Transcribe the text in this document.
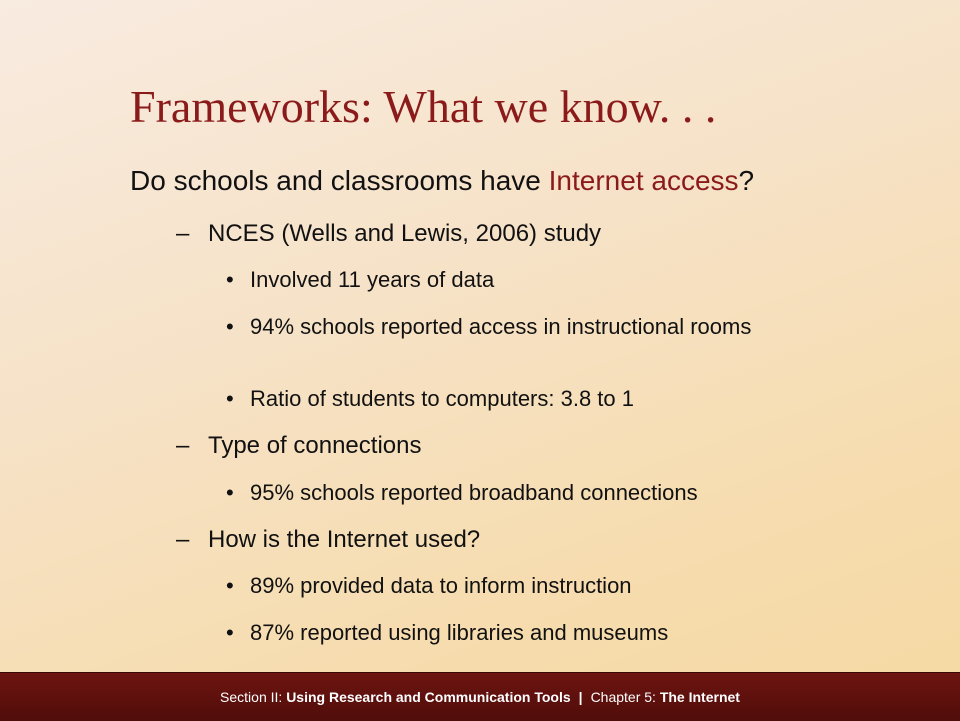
Frameworks: What we know. . .
Do schools and classrooms have Internet access?
– NCES (Wells and Lewis, 2006) study
• Involved 11 years of data
• 94% schools reported access in instructional rooms
• Ratio of students to computers: 3.8 to 1
– Type of connections
• 95% schools reported broadband connections
– How is the Internet used?
• 89% provided data to inform instruction
• 87% reported using libraries and museums
Section II:
Using Research and Communication Tools | Chapter 5:
The Internet
